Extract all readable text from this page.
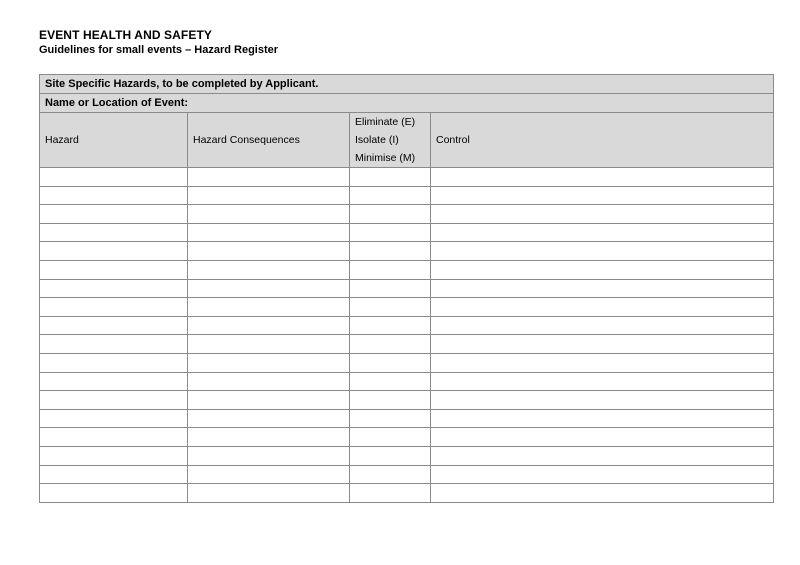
EVENT HEALTH AND SAFETY
Guidelines for small events – Hazard Register
Site Specific Hazards, to be completed by Applicant.			
Name or Location of Event:			
Hazard	Hazard Consequences	Eliminate (E)
Isolate (I)
Minimise (M)	Control
